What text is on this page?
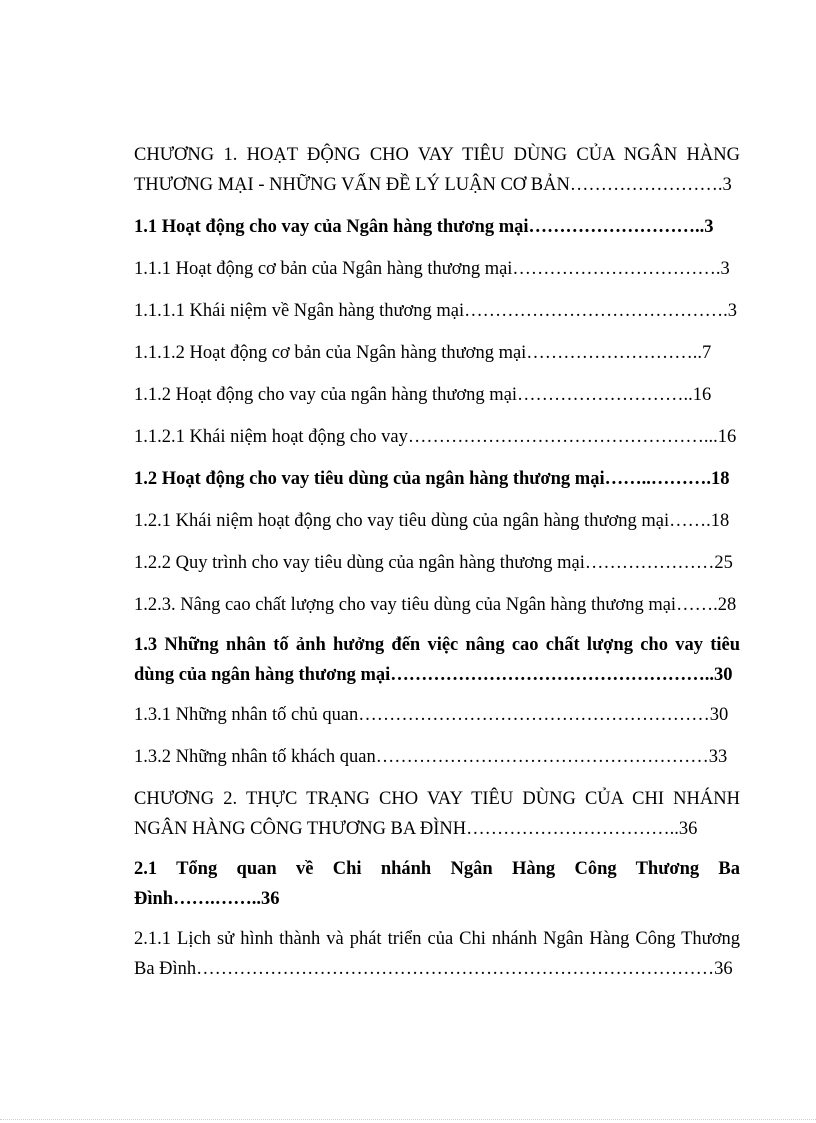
CHƯƠNG 1. HOẠT ĐỘNG CHO VAY TIÊU DÙNG CỦA NGÂN HÀNG THƯƠNG MẠI - NHỮNG VẤN ĐỀ LÝ LUẬN CƠ BẢN…………………….3

1.1 Hoạt động cho vay của Ngân hàng thương mại………………………..3

1.1.1 Hoạt động cơ bản của Ngân hàng thương mại…………………………….3

1.1.1.1 Khái niệm về Ngân hàng thương mại…………………………………….3

1.1.1.2 Hoạt động cơ bản của Ngân hàng thương mại………………………..7

1.1.2 Hoạt động cho vay của ngân hàng thương mại………………………..16

1.1.2.1 Khái niệm hoạt động cho vay…………………………………………...16

1.2 Hoạt động cho vay tiêu dùng của ngân hàng thương mại……..……….18

1.2.1 Khái niệm hoạt động cho vay tiêu dùng của ngân hàng thương mại…….18

1.2.2 Quy trình cho vay tiêu dùng của ngân hàng thương mại…………………25

1.2.3. Nâng cao chất lượng cho vay tiêu dùng của Ngân hàng thương mại…….28

1.3 Những nhân tố ảnh hưởng đến việc nâng cao chất lượng cho vay tiêu dùng của ngân hàng thương mại……………………………………………..30

1.3.1 Những nhân tố chủ quan…………………………………………………30

1.3.2 Những nhân tố khách quan………………………………………………33

CHƯƠNG 2. THỰC TRẠNG CHO VAY TIÊU DÙNG CỦA CHI NHÁNH NGÂN HÀNG CÔNG THƯƠNG BA ĐÌNH……………………………..36

2.1 Tổng quan về Chi nhánh Ngân Hàng Công Thương Ba Đình…….……..36

2.1.1 Lịch sử hình thành và phát triển của Chi nhánh Ngân Hàng Công Thương Ba Đình…………………………………………………………………………36
